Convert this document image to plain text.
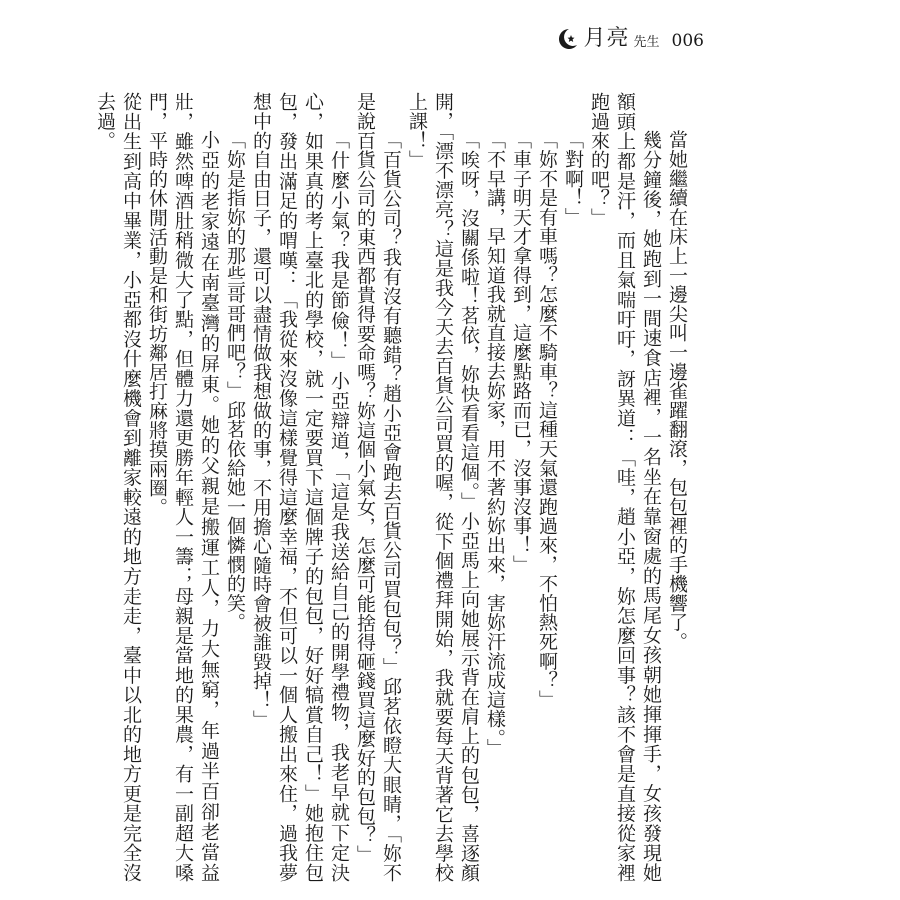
月亮 先生 006

當她繼續在床上一邊尖叫一邊雀躍翻滾，包包裡的手機響了。

幾分鐘後，她跑到一間速食店裡，一名坐在靠窗處的馬尾女孩朝她揮揮手，女孩發現她額頭上都是汗，而且氣喘吁吁，訝異道：「哇，趙小亞，妳怎麼回事？該不會是直接從家裡跑過來的吧？」

「對啊！」

「妳不是有車嗎？怎麼不騎車？這種天氣還跑過來，不怕熱死啊？」

「車子明天才拿得到，這麼點路而已，沒事沒事！」

「不早講，早知道我就直接去妳家，用不著約妳出來，害妳汗流成這樣。」

「唉呀，沒關係啦！茗依，妳快看看這個。」小亞馬上向她展示背在肩上的包包，喜逐顏開，「漂不漂亮？這是我今天去百貨公司買的喔，從下個禮拜開始，我就要每天背著它去學校上課！」

「百貨公司？我有沒有聽錯？趙小亞會跑去百貨公司買包包？」邱茗依瞪大眼睛，「妳不是說百貨公司的東西都貴得要命嗎？妳這個小氣女，怎麼可能捨得砸錢買這麼好的包包？」

「什麼小氣？我是節儉！」小亞辯道，「這是我送給自己的開學禮物，我老早就下定決心，如果真的考上臺北的學校，就一定要買下這個牌子的包包，好好犒賞自己！」她抱住包包，發出滿足的喟嘆：「我從來沒像這樣覺得這麼幸福，不但可以一個人搬出來住，過我夢想中的自由日子，還可以盡情做我想做的事，不用擔心隨時會被誰毀掉！」

「妳是指妳的那些哥哥們吧？」邱茗依給她一個憐憫的笑。

小亞的老家遠在南臺灣的屏東。她的父親是搬運工人，力大無窮，年過半百卻老當益壯，雖然啤酒肚稍微大了點，但體力還更勝年輕人一籌；母親是當地的果農，有一副超大嗓門，平時的休閒活動是和街坊鄰居打麻將摸兩圈。

從出生到高中畢業，小亞都沒什麼機會到離家較遠的地方走走，臺中以北的地方更是完全沒去過。
